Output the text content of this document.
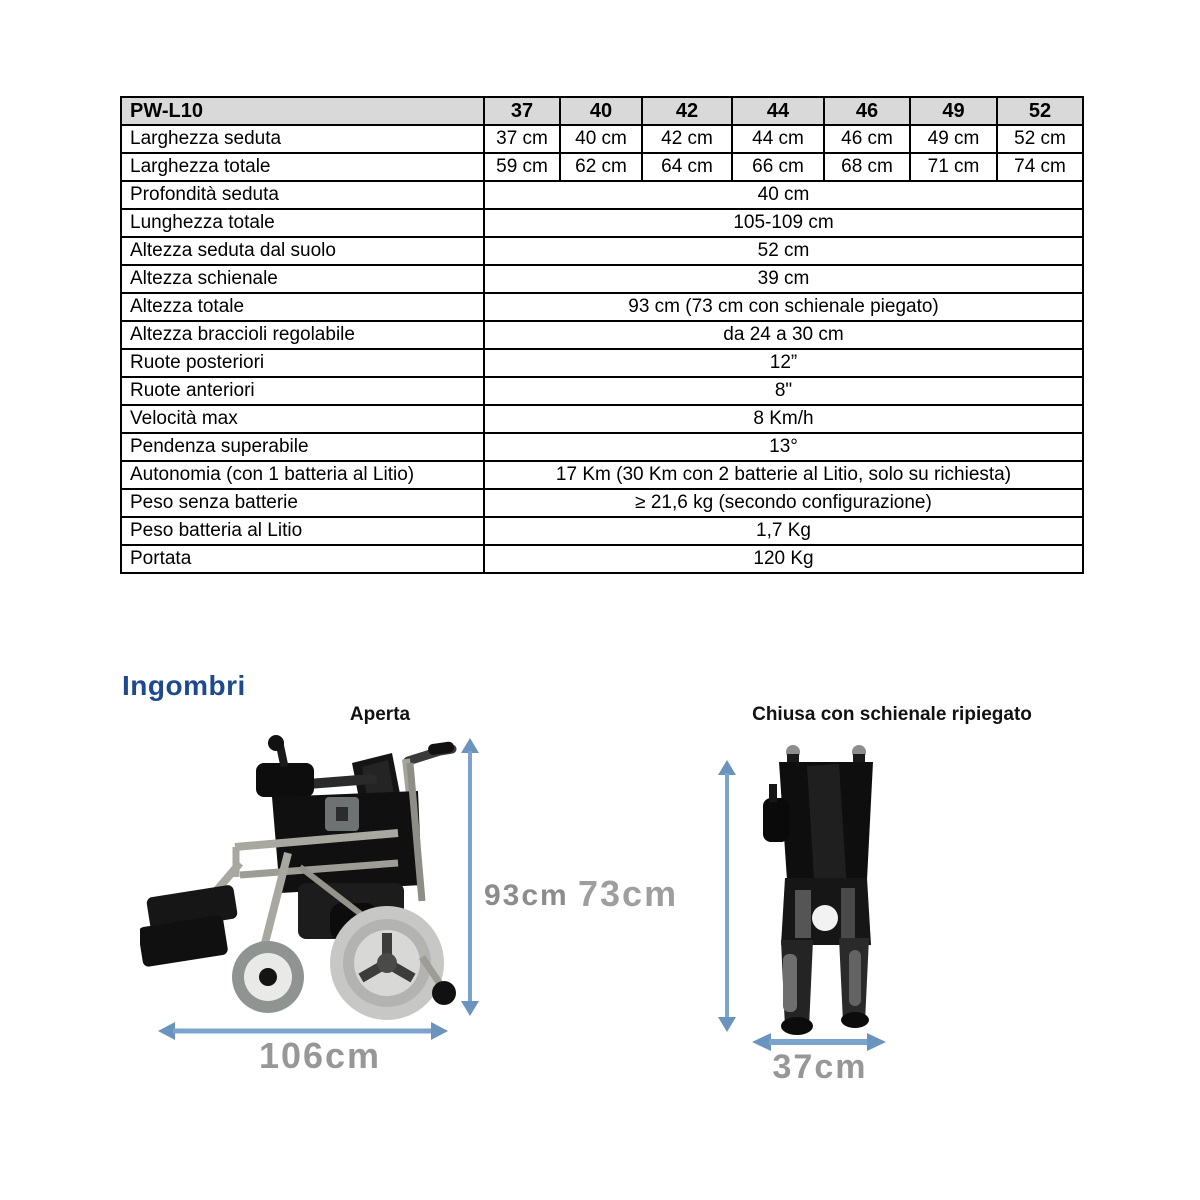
PW-L10	37	40	42	44	46	49	52
Larghezza seduta	37 cm	40 cm	42 cm	44 cm	46 cm	49 cm	52 cm
Larghezza totale	59 cm	62 cm	64 cm	66 cm	68 cm	71 cm	74 cm
Profondità seduta	40 cm						
Lunghezza totale	105-109 cm						
Altezza seduta dal suolo	52 cm						
Altezza schienale	39 cm						
Altezza totale	93 cm (73 cm con schienale piegato)						
Altezza braccioli regolabile	da 24 a 30 cm						
Ruote posteriori	12”						
Ruote anteriori	8"						
Velocità max	8 Km/h						
Pendenza superabile	13°						
Autonomia (con 1 batteria al Litio)	17 Km (30 Km con 2 batterie al Litio, solo su richiesta)						
Peso senza batterie	≥ 21,6 kg (secondo configurazione)						
Peso batteria al Litio	1,7 Kg						
Portata	120 Kg						
Ingombri
Aperta	Chiusa con schienale ripiegato
93cm 73cm
106cm	37cm
